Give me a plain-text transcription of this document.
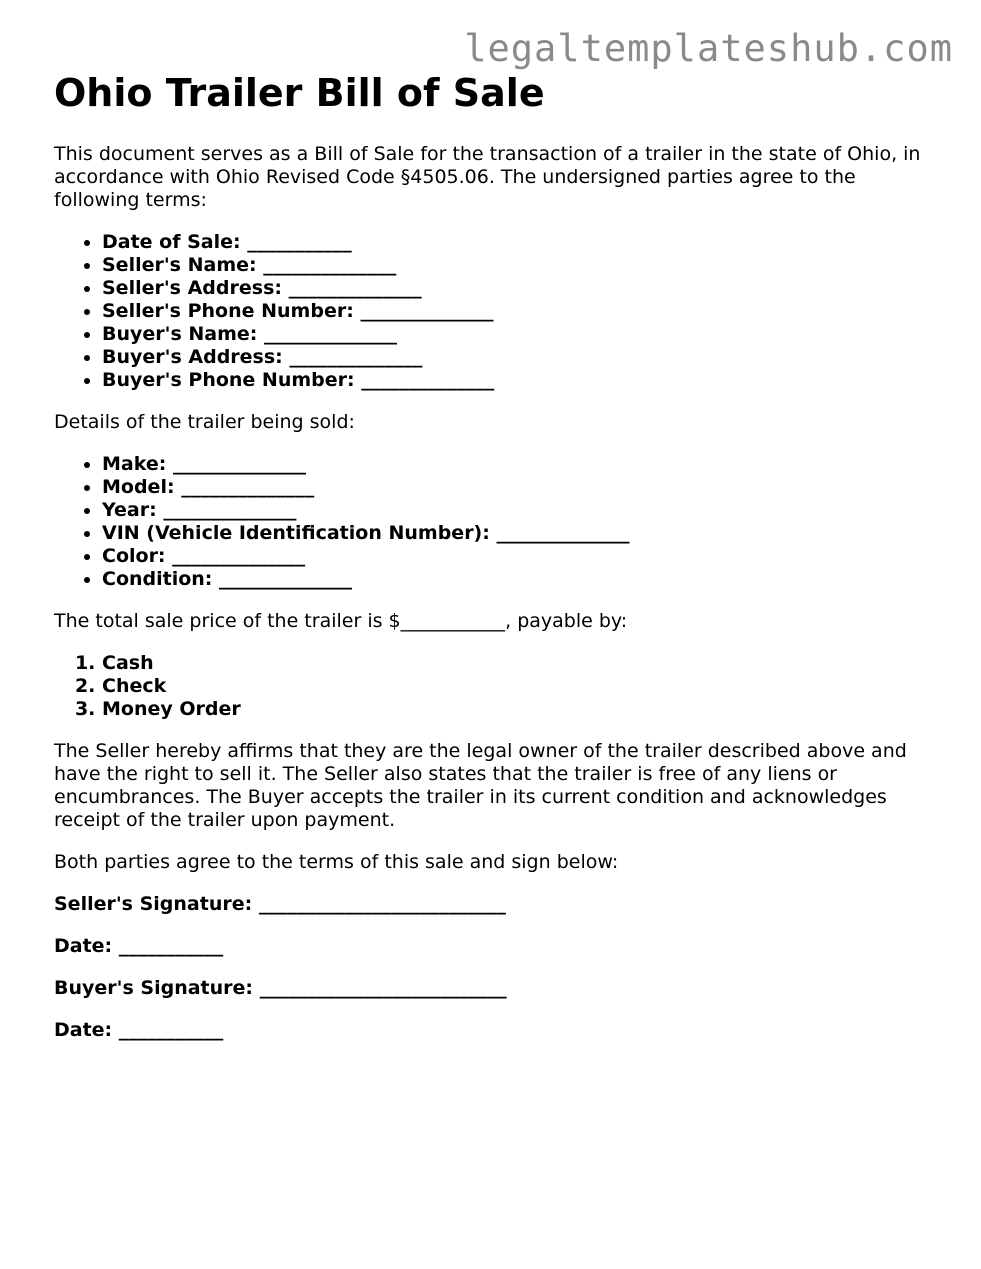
legaltemplateshub.com
Ohio Trailer Bill of Sale

This document serves as a Bill of Sale for the transaction of a trailer in the state of Ohio, in accordance with Ohio Revised Code §4505.06. The undersigned parties agree to the following terms:

• Date of Sale: ___________
• Seller's Name: ______________
• Seller's Address: ______________
• Seller's Phone Number: ______________
• Buyer's Name: ______________
• Buyer's Address: ______________
• Buyer's Phone Number: ______________

Details of the trailer being sold:

• Make: ______________
• Model: ______________
• Year: ______________
• VIN (Vehicle Identification Number): ______________
• Color: ______________
• Condition: ______________

The total sale price of the trailer is $___________, payable by:

1. Cash
2. Check
3. Money Order

The Seller hereby affirms that they are the legal owner of the trailer described above and have the right to sell it. The Seller also states that the trailer is free of any liens or encumbrances. The Buyer accepts the trailer in its current condition and acknowledges receipt of the trailer upon payment.

Both parties agree to the terms of this sale and sign below:

Seller's Signature: __________________________
Date: ___________
Buyer's Signature: __________________________
Date: ___________
